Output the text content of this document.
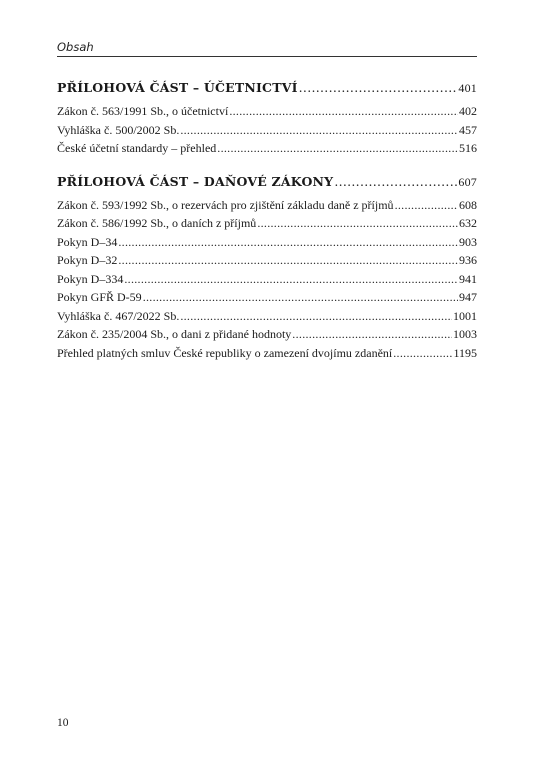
Obsah
PŘÍLOHOVÁ ČÁST – ÚČETNICTVÍ .....	401
Zákon č. 563/1991 Sb., o účetnictví .....	402
Vyhláška č. 500/2002 Sb. .....	457
České účetní standardy – přehled .....	516
PŘÍLOHOVÁ ČÁST – DAŇOVÉ ZÁKONY .....	607
Zákon č. 593/1992 Sb., o rezervách pro zjištění základu daně z příjmů .....	608
Zákon č. 586/1992 Sb., o daních z příjmů .....	632
Pokyn D–34 .....	903
Pokyn D–32 .....	936
Pokyn D–334 .....	941
Pokyn GFŘ D-59 .....	947
Vyhláška č. 467/2022 Sb. .....	1001
Zákon č. 235/2004 Sb., o dani z přidané hodnoty .....	1003
Přehled platných smluv České republiky o zamezení dvojímu zdanění .....	1195
10
